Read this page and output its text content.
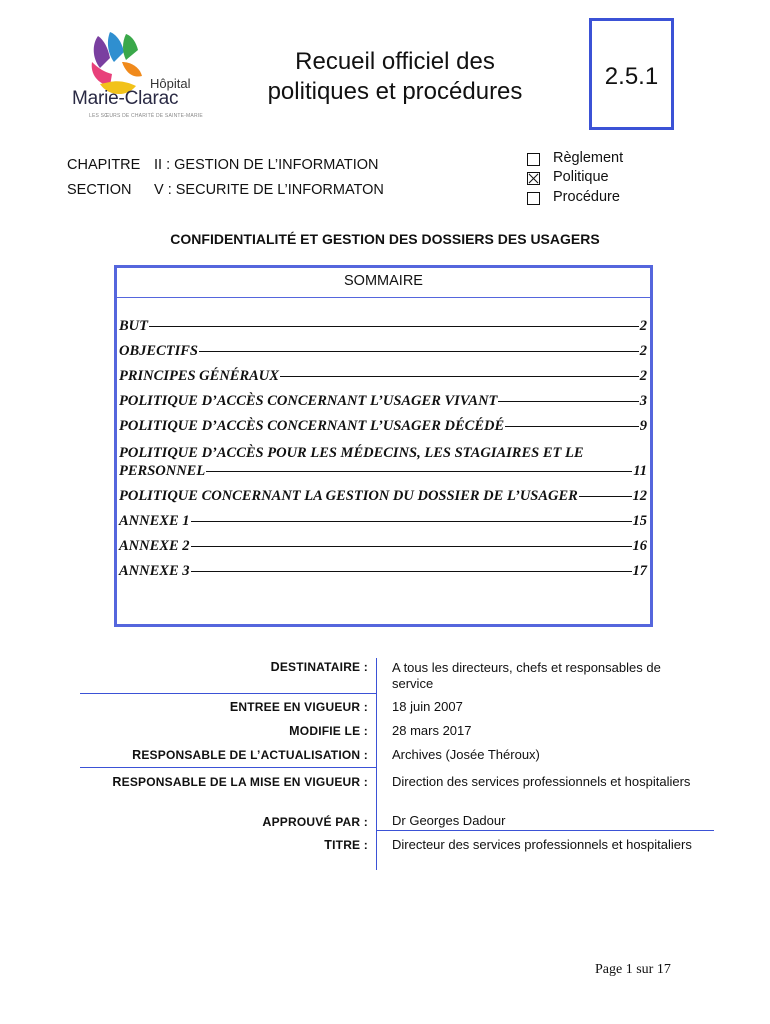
Hôpital
Marie-Clarac
LES SŒURS DE CHARITÉ DE SAINTE-MARIE
Recueil officiel des
politiques et procédures
2.5.1
CHAPITRE II : GESTION DE L’INFORMATION
SECTION V : SECURITE DE L’INFORMATON
Règlement
Politique
Procédure
CONFIDENTIALITÉ ET GESTION DES DOSSIERS DES USAGERS
SOMMAIRE
BUT	2
OBJECTIFS	2
PRINCIPES GÉNÉRAUX	2
POLITIQUE D’ACCÈS CONCERNANT L’USAGER VIVANT	3
POLITIQUE D’ACCÈS CONCERNANT L’USAGER DÉCÉDÉ	9
POLITIQUE D’ACCÈS POUR LES MÉDECINS, LES STAGIAIRES ET LE
PERSONNEL	11
POLITIQUE CONCERNANT LA GESTION DU DOSSIER DE L’USAGER	12
ANNEXE 1	15
ANNEXE 2	16
ANNEXE 3	17
DESTINATAIRE : A tous les directeurs, chefs et responsables de service
ENTREE EN VIGUEUR : 18 juin 2007
MODIFIE LE : 28 mars 2017
RESPONSABLE DE L’ACTUALISATION : Archives (Josée Théroux)
RESPONSABLE DE LA MISE EN VIGUEUR : Direction des services professionnels et hospitaliers
APPROUVÉ PAR : Dr Georges Dadour
TITRE : Directeur des services professionnels et hospitaliers
Page 1 sur 17
